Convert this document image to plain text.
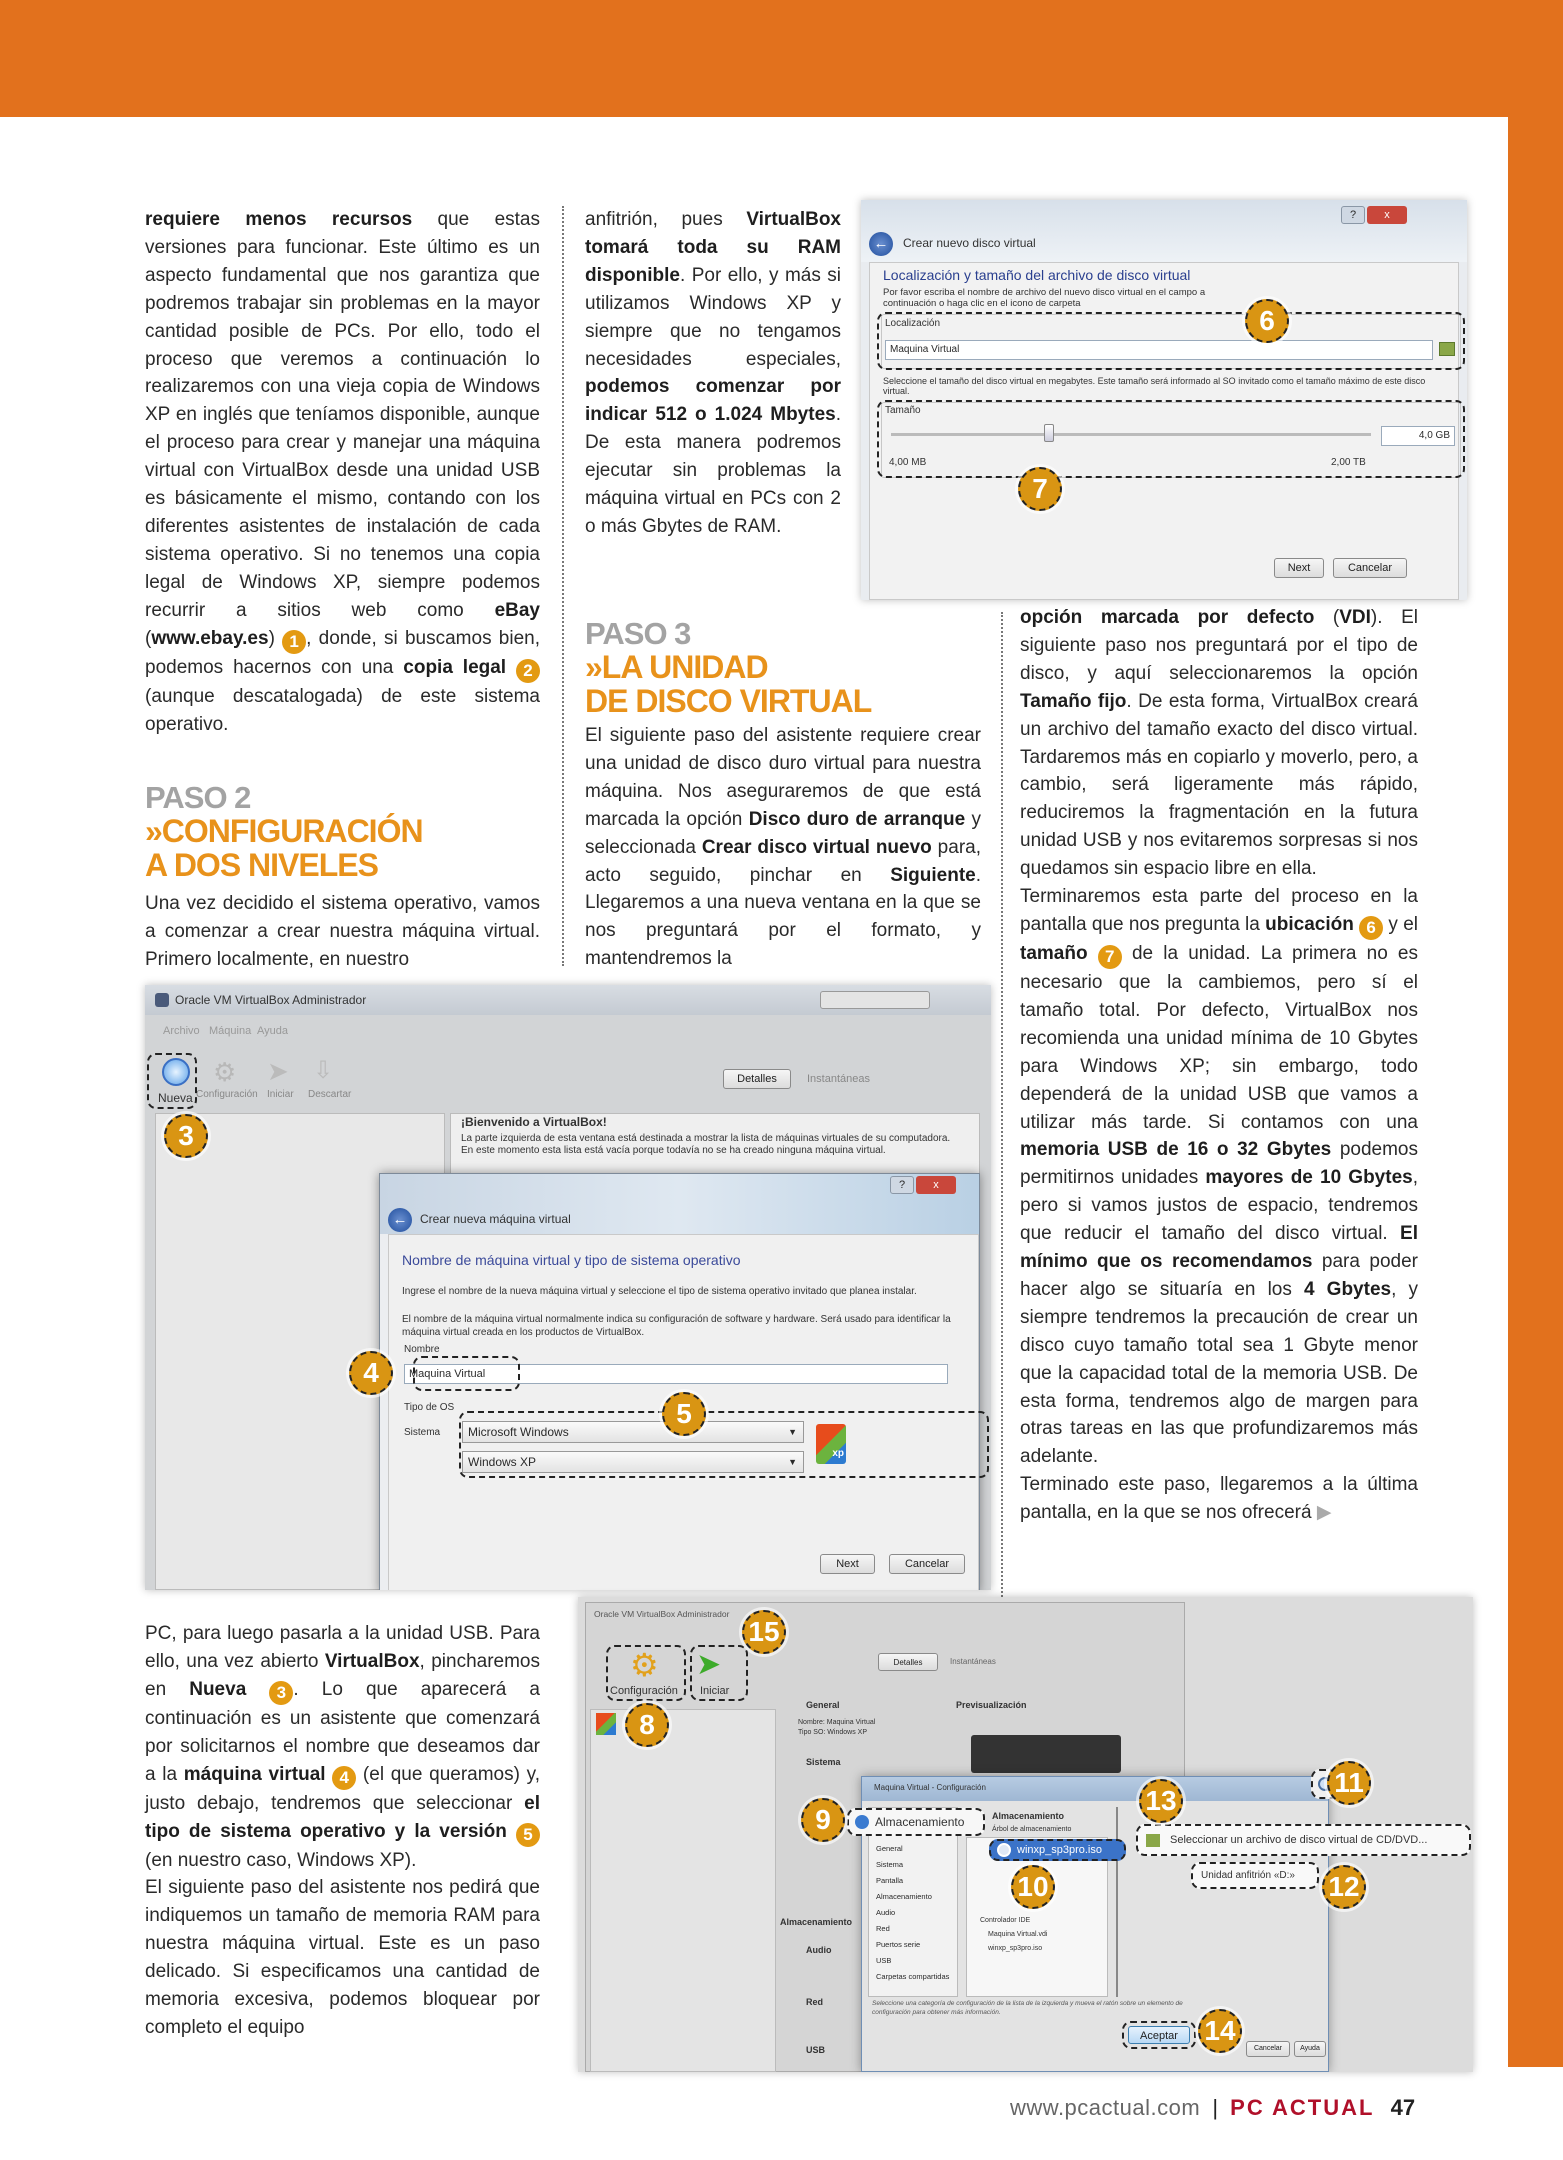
requiere menos recursos que estas versiones para funcionar. Este último es un aspecto fundamental que nos garantiza que podremos trabajar sin problemas en la mayor cantidad posible de PCs. Por ello, todo el proceso que veremos a continuación lo realizaremos con una vieja copia de Windows XP en inglés que teníamos disponible, aunque el proceso para crear y manejar una máquina virtual con VirtualBox desde una unidad USB es básicamente el mismo, contando con los diferentes asistentes de instalación de cada sistema operativo. Si no tenemos una copia legal de Windows XP, siempre podemos recurrir a sitios web como eBay (www.ebay.es) 1 , donde, si buscamos bien, podemos hacernos con una copia legal 2 (aunque descatalogada) de este sistema operativo.

PASO 2
»CONFIGURACIÓN
A DOS NIVELES

Una vez decidido el sistema operativo, vamos a comenzar a crear nuestra máquina virtual. Primero localmente, en nuestro

anfitrión, pues VirtualBox tomará toda su RAM disponible. Por ello, y más si utilizamos Windows XP y siempre que no tengamos necesidades especiales, podemos comenzar por indicar 512 o 1.024 Mbytes. De esta manera podremos ejecutar sin problemas la máquina virtual en PCs con 2 o más Gbytes de RAM.

PASO 3
»LA UNIDAD
DE DISCO VIRTUAL

El siguiente paso del asistente requiere crear una unidad de disco duro virtual para nuestra máquina. Nos aseguraremos de que está marcada la opción Disco duro de arranque y seleccionada Crear disco virtual nuevo para, acto seguido, pinchar en Siguiente. Llegaremos a una nueva ventana en la que se nos preguntará por el formato, y mantendremos la

opción marcada por defecto (VDI). El siguiente paso nos preguntará por el tipo de disco, y aquí seleccionaremos la opción Tamaño fijo. De esta forma, VirtualBox creará un archivo del tamaño exacto del disco virtual. Tardaremos más en copiarlo y moverlo, pero, a cambio, será ligeramente más rápido, reduciremos la fragmentación en la futura unidad USB y nos evitaremos sorpresas si nos quedamos sin espacio libre en ella.

Terminaremos esta parte del proceso en la pantalla que nos pregunta la ubicación 6 y el tamaño 7 de la unidad. La primera no es necesario que la cambiemos, pero sí el tamaño total. Por defecto, VirtualBox nos recomienda una unidad mínima de 10 Gbytes para Windows XP; sin embargo, todo dependerá de la unidad USB que vamos a utilizar más tarde. Si contamos con una memoria USB de 16 o 32 Gbytes podemos permitirnos unidades mayores de 10 Gbytes, pero si vamos justos de espacio, tendremos que reducir el tamaño del disco virtual. El mínimo que os recomendamos para poder hacer algo se situaría en los 4 Gbytes, y siempre tendremos la precaución de crear un disco cuyo tamaño total sea 1 Gbyte menor que la capacidad total de la memoria USB. De esta forma, tendremos algo de margen para otras tareas en las que profundizaremos más adelante.

Terminado este paso, llegaremos a la última pantalla, en la que se nos ofrecerá ▶

PC, para luego pasarla a la unidad USB. Para ello, una vez abierto VirtualBox, pincharemos en Nueva 3 . Lo que aparecerá a continuación es un asistente que comenzará por solicitarnos el nombre que deseamos dar a la máquina virtual 4 (el que queramos) y, justo debajo, tendremos que seleccionar el tipo de sistema operativo y la versión 5 (en nuestro caso, Windows XP).

El siguiente paso del asistente nos pedirá que indiquemos un tamaño de memoria RAM para nuestra máquina virtual. Este es un paso delicado. Si especificamos una cantidad de memoria excesiva, podemos bloquear por completo el equipo

?	x
←	Crear nuevo disco virtual
Localización y tamaño del archivo de disco virtual
Por favor escriba el nombre de archivo del nuevo disco virtual en el campo a continuación o haga clic en el icono de carpeta
Localización
Maquina Virtual
Seleccione el tamaño del disco virtual en megabytes. Este tamaño será informado al SO invitado como el tamaño máximo de este disco virtual.
Tamaño
4,0 GB
4,00 MB	2,00 TB
6
7
Next	Cancelar
Oracle VM VirtualBox Administrador
Archivo Máquina Ayuda
⚙ ➤ ⇩
Nueva Configuración Iniciar Descartar
Detalles	Instantáneas
¡Bienvenido a VirtualBox!
La parte izquierda de esta ventana está destinada a mostrar la lista de máquinas virtuales de su computadora. En este momento esta lista está vacía porque todavía no se ha creado ninguna máquina virtual.
3
?	x
←	Crear nueva máquina virtual
Nombre de máquina virtual y tipo de sistema operativo
Ingrese el nombre de la nueva máquina virtual y seleccione el tipo de sistema operativo invitado que planea instalar.
El nombre de la máquina virtual normalmente indica su configuración de software y hardware. Será usado para identificar la máquina virtual creada en los productos de VirtualBox.
Nombre
Maquina Virtual
Tipo de OS
Sistema	Microsoft Windows	▼
Windows XP	▼
xp
Next	Cancelar
4
5
Oracle VM VirtualBox Administrador
⚙ ➤
Configuración Iniciar
Detalles	Instantáneas
General	Previsualización
Nombre: Maquina Virtual
Tipo SO: Windows XP
Sistema
Almacenamiento
Audio
Red
USB
Maquina Virtual - Configuración
General
Sistema
Pantalla
Almacenamiento
Audio
Red
Puertos serie
USB
Carpetas compartidas
Almacenamiento
Árbol de almacenamiento
Controlador IDE
Maquina Virtual.vdi
winxp_sp3pro.iso
Seleccione una categoría de configuración de la lista de la izquierda y mueva el ratón sobre un elemento de configuración para obtener más información.
Cancelar	Ayuda
Almacenamiento
winxp_sp3pro.iso
Seleccionar un archivo de disco virtual de CD/DVD...
Unidad anfitrión «D:»
Aceptar
8
9
10
11
12
13
14
15
www.pcactual.com | PC ACTUAL 47
